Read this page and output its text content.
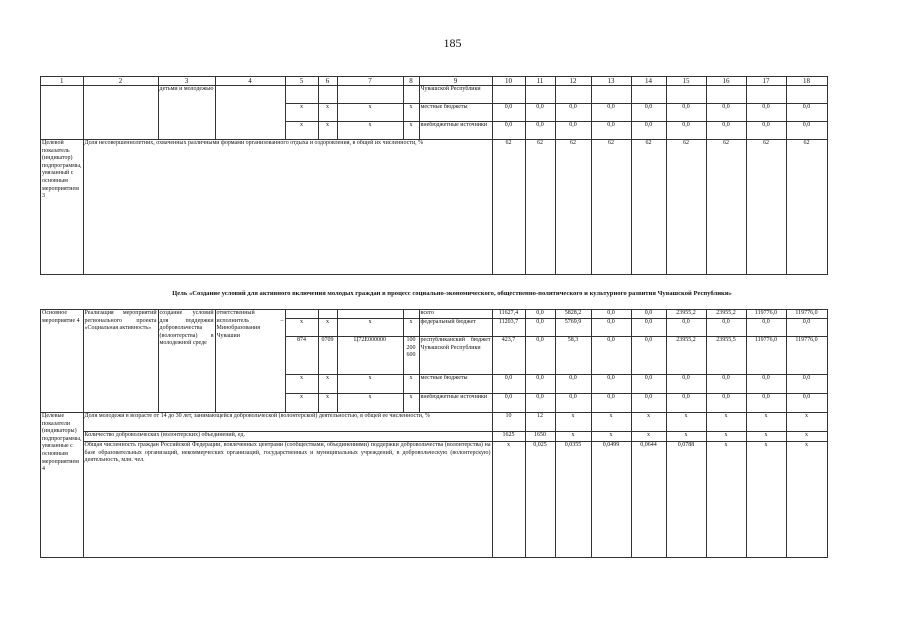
185
1	2	3	4	5	6	7	8	9	10	11	12	13	14	15	16	17	18
		детьми и молодежью						Чувашской Республики									
				x	x	x	x	местные бюджеты	0,0	0,0	0,0	0,0	0,0	0,0	0,0	0,0	0,0
				x	x	x	x	внебюджетные источники	0,0	0,0	0,0	0,0	0,0	0,0	0,0	0,0	0,0
Целевой показатель (индикатор) подпрограммы, увязанный с основным мероприятием 3	Доля несовершеннолетних, охваченных различными формами организованного отдыха и оздоровления, в общей их численности, %								62	62	62	62	62	62	62	62	62
Цель «Создание условий для активного включения молодых граждан в процесс социально-экономического, общественно-политического и культурного развития Чувашской Республики»
Основное мероприятие 4	Реализация мероприятий регионального проекта «Социальная активность»	создание условий для поддержки добровольчества (волонтерства) в молодежной среде	ответственный исполнитель – Минобразования Чувашии					всего	11627,4	0,0	5828,2	0,0	0,0	23955,2	23955,2	119776,0	119776,0
				x	x	x	x	федеральный бюджет	11203,7	0,0	5769,9	0,0	0,0	0,0	0,0	0,0	0,0
				874	0709	Ц72Е000000	100 200 600	республиканский бюджет Чувашской Республики	423,7	0,0	58,3	0,0	0,0	23955,2	23955,5	119776,0	119776,0
				x	x	x	x	местные бюджеты	0,0	0,0	0,0	0,0	0,0	0,0	0,0	0,0	0,0
				x	x	x	x	внебюджетные источники	0,0	0,0	0,0	0,0	0,0	0,0	0,0	0,0	0,0
Целевые показатели (индикаторы) подпрограммы, увязанные с основным мероприятием 4	Доля молодежи в возрасте от 14 до 30 лет, занимающейся добровольческой (волонтерской) деятельностью, в общей ее численности, %								10	12	x	x	x	x	x	x	x
	Количество добровольческих (волонтерских) объединений, ед.								1625	1650	x	x	x	x	x	x	x
	Общая численность граждан Российской Федерации, вовлеченных центрами (сообществами, объединениями) поддержки добровольчества (волонтерства) на базе образовательных организаций, некоммерческих организаций, государственных и муниципальных учреждений, в добровольческую (волонтерскую) деятельность, млн. чел.								x	0,025	0,0355	0,0499	0,0644	0,0788	x	x	x
